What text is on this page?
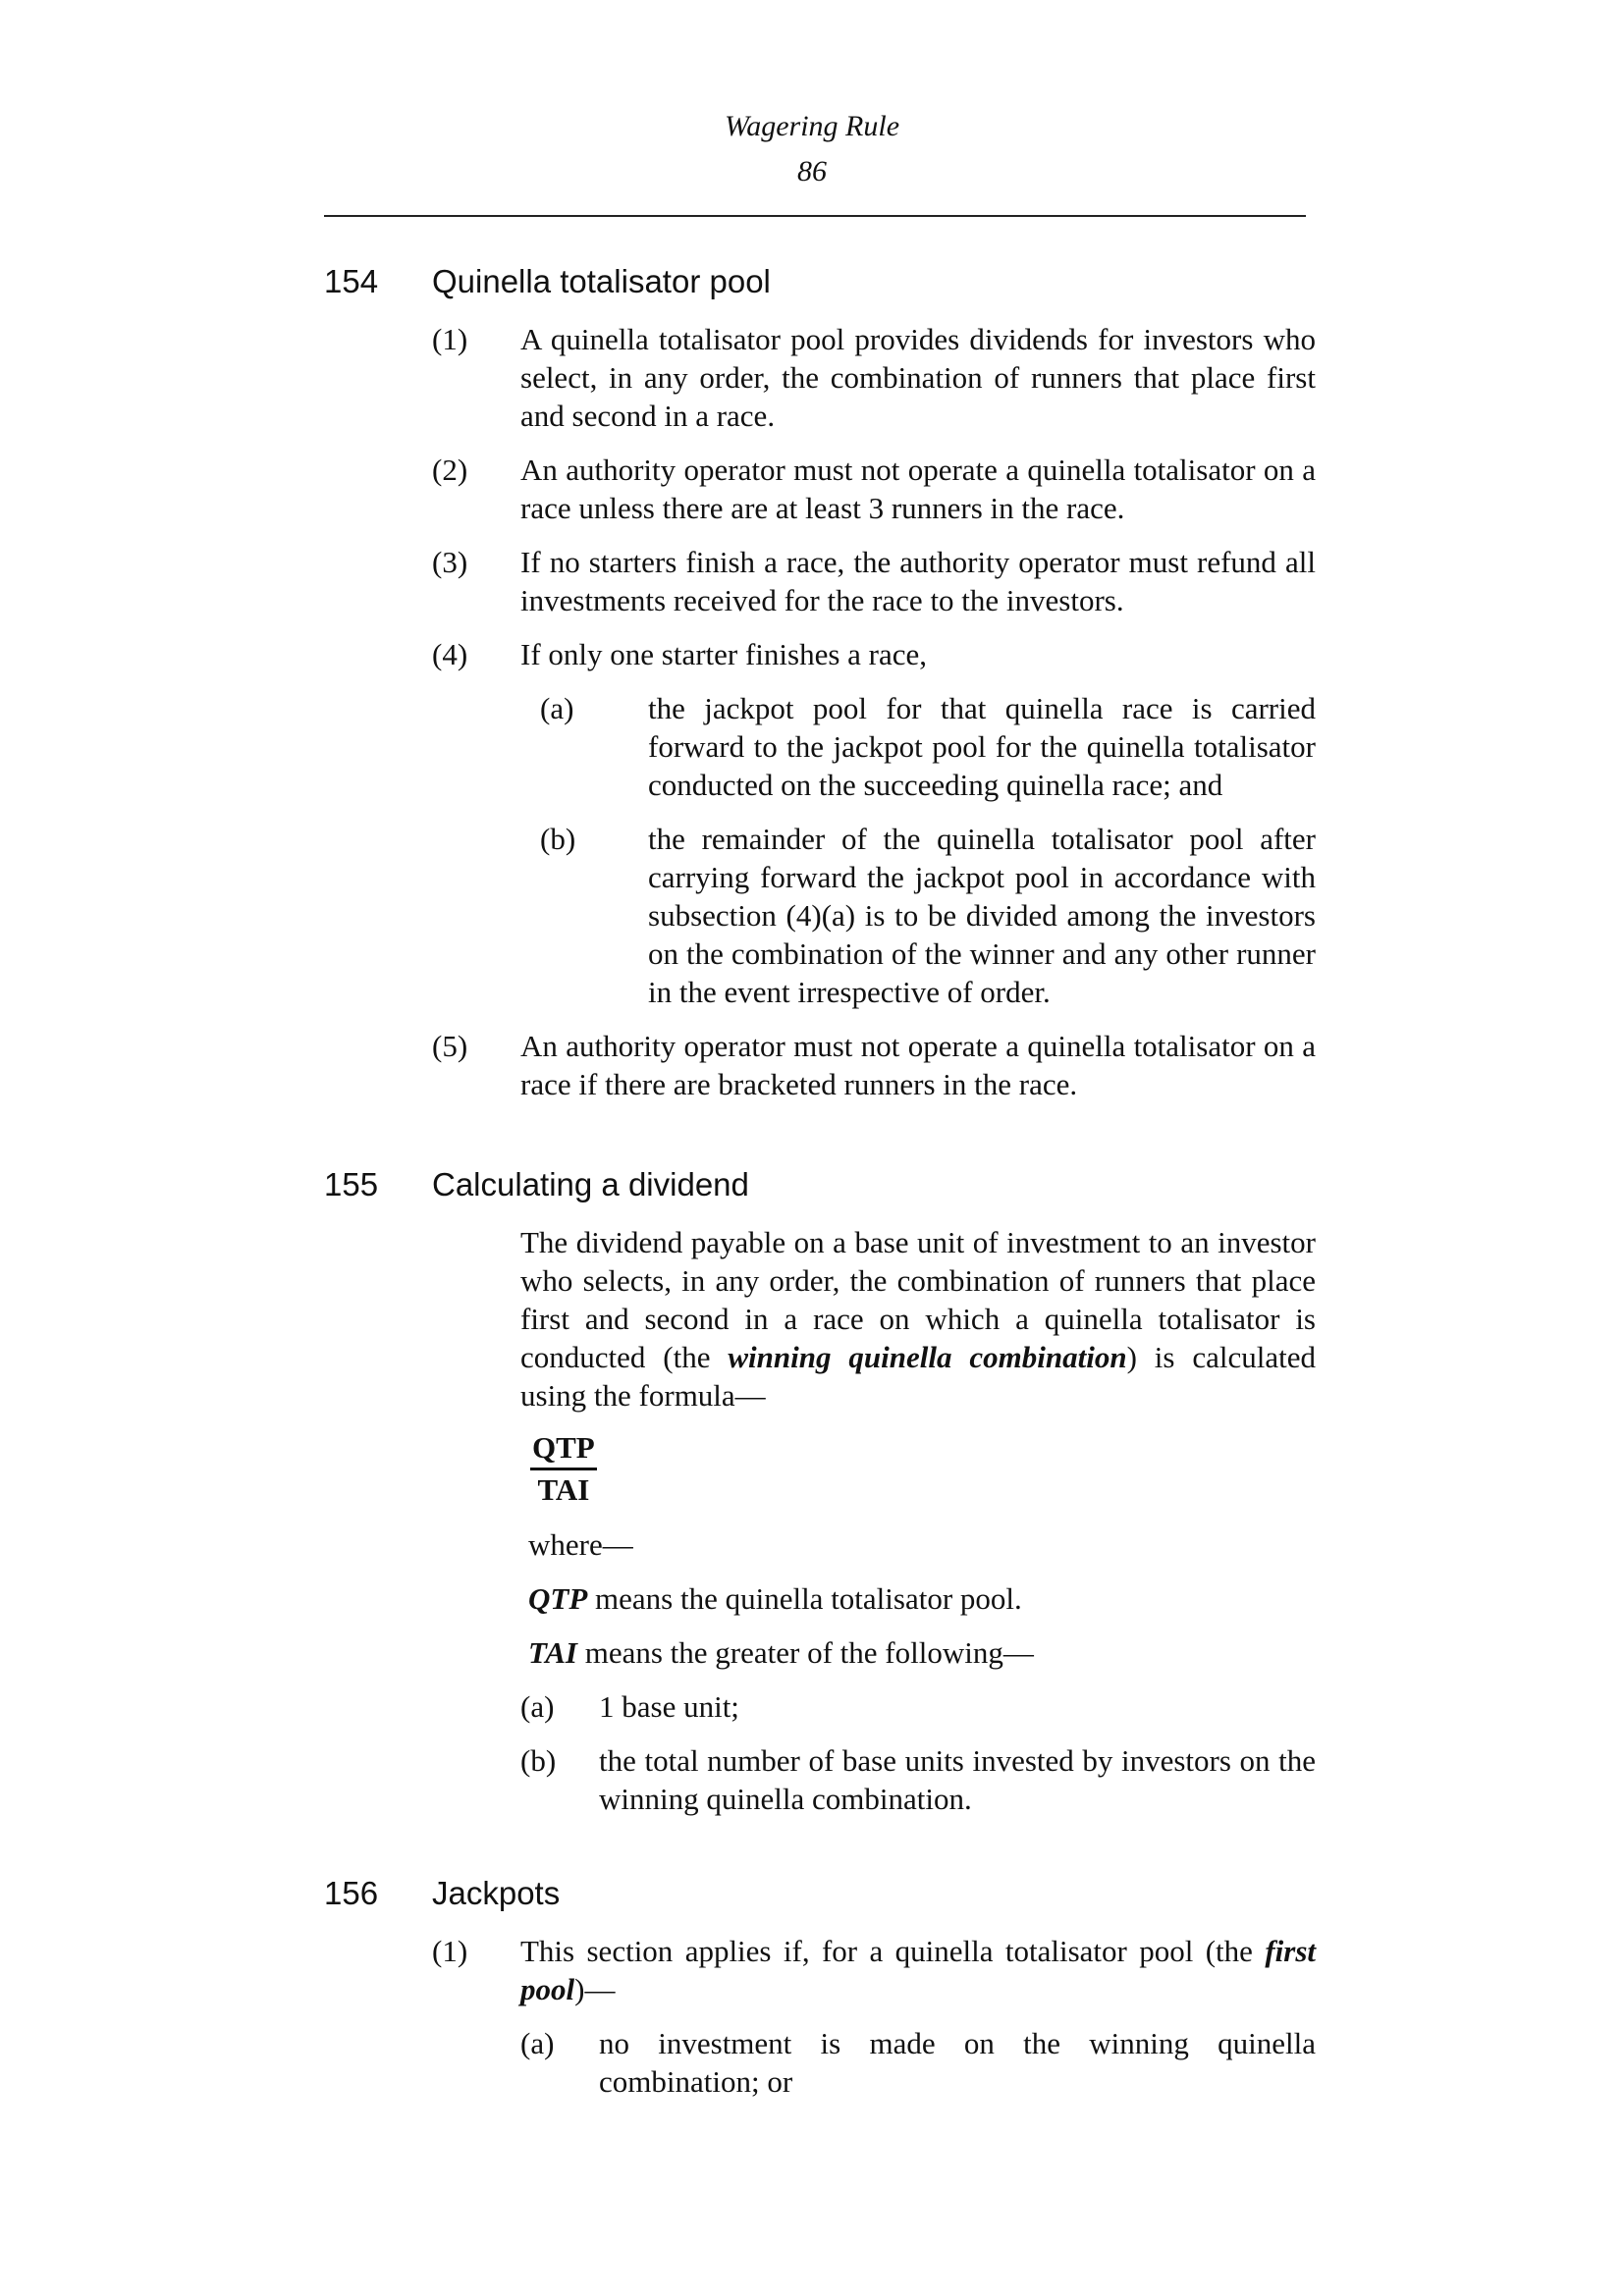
Wagering Rule
86
154 Quinella totalisator pool
(1) A quinella totalisator pool provides dividends for investors who select, in any order, the combination of runners that place first and second in a race.
(2) An authority operator must not operate a quinella totalisator on a race unless there are at least 3 runners in the race.
(3) If no starters finish a race, the authority operator must refund all investments received for the race to the investors.
(4) If only one starter finishes a race,
(a) the jackpot pool for that quinella race is carried forward to the jackpot pool for the quinella totalisator conducted on the succeeding quinella race; and
(b) the remainder of the quinella totalisator pool after carrying forward the jackpot pool in accordance with subsection (4)(a) is to be divided among the investors on the combination of the winner and any other runner in the event irrespective of order.
(5) An authority operator must not operate a quinella totalisator on a race if there are bracketed runners in the race.
155 Calculating a dividend
The dividend payable on a base unit of investment to an investor who selects, in any order, the combination of runners that place first and second in a race on which a quinella totalisator is conducted (the winning quinella combination) is calculated using the formula—
$\frac{\text{QTP}}{\text{TAI}}$
where—
QTP means the quinella totalisator pool.
TAI means the greater of the following—
(a) 1 base unit;
(b) the total number of base units invested by investors on the winning quinella combination.
156 Jackpots
(1) This section applies if, for a quinella totalisator pool (the first pool)—
(a) no investment is made on the winning quinella combination; or
